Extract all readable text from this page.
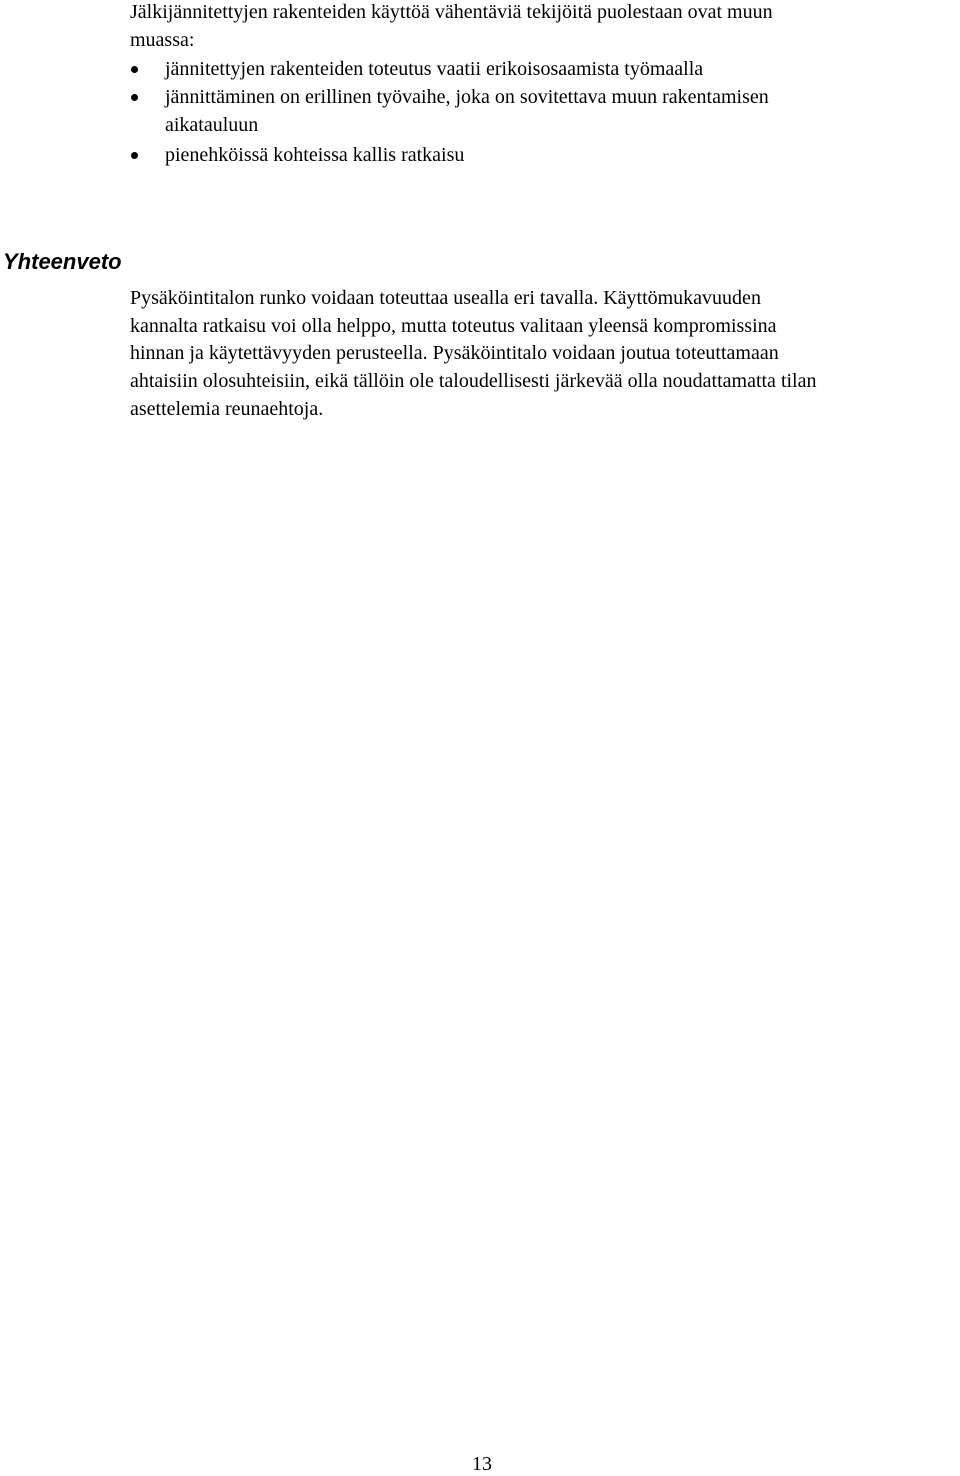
Jälkijännitettyjen rakenteiden käyttöä vähentäviä tekijöitä puolestaan ovat muun
muassa:
jännitettyjen rakenteiden toteutus vaatii erikoisosaamista työmaalla
jännittäminen on erillinen työvaihe, joka on sovitettava muun rakentamisen
aikatauluun
pienehköissä kohteissa kallis ratkaisu
Yhteenveto
Pysäköintitalon runko voidaan toteuttaa usealla eri tavalla. Käyttömukavuuden
kannalta ratkaisu voi olla helppo, mutta toteutus valitaan yleensä kompromissina
hinnan ja käytettävyyden perusteella. Pysäköintitalo voidaan joutua toteuttamaan
ahtaisiin olosuhteisiin, eikä tällöin ole taloudellisesti järkevää olla noudattamatta tilan
asettelemia reunaehtoja.
13
